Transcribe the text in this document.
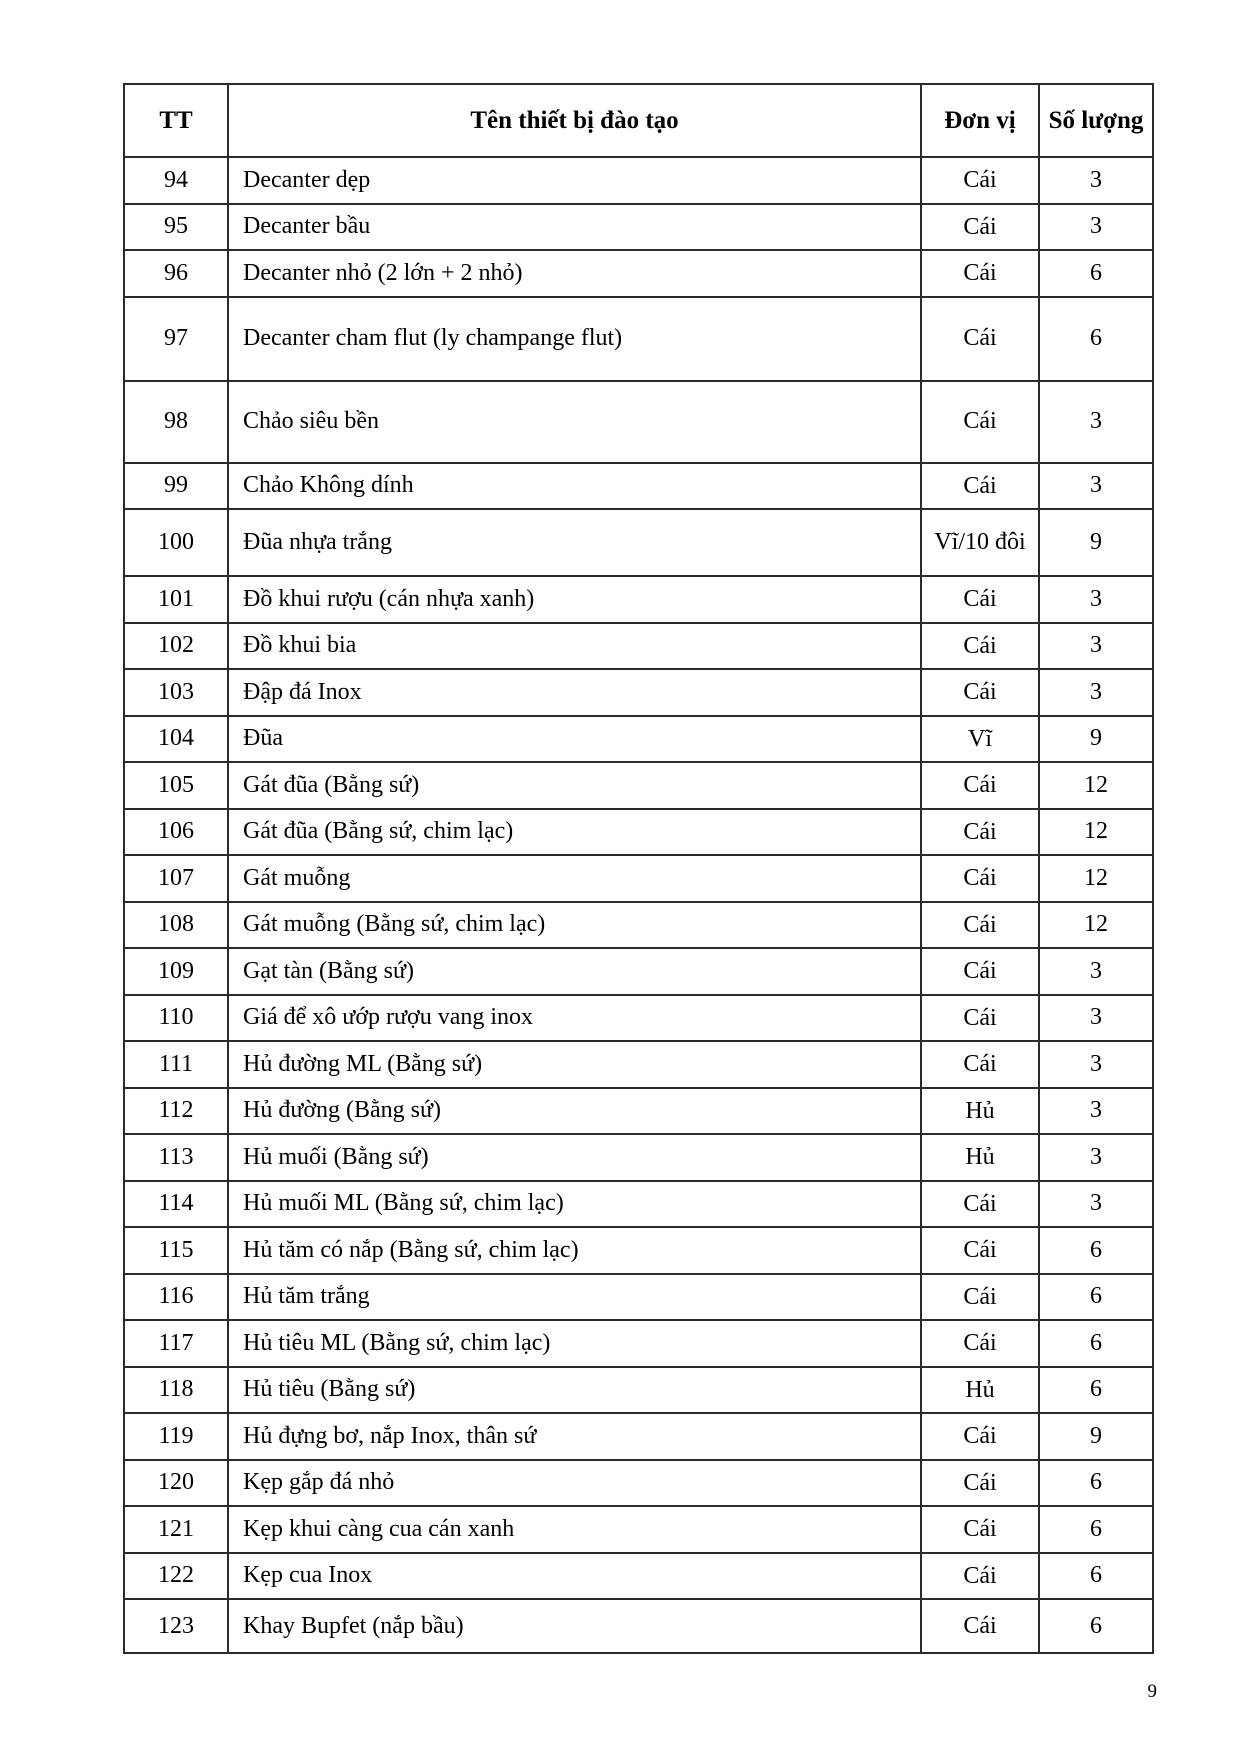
TT	Tên thiết bị đào tạo	Đơn vị	Số lượng
94	Decanter dẹp	Cái	3
95	Decanter bầu	Cái	3
96	Decanter nhỏ (2 lớn + 2 nhỏ)	Cái	6
97	Decanter cham flut (ly champange flut)	Cái	6
98	Chảo siêu bền	Cái	3
99	Chảo Không dính	Cái	3
100	Đũa nhựa trắng	Vĩ/10 đôi	9
101	Đồ khui rượu (cán nhựa xanh)	Cái	3
102	Đồ khui bia	Cái	3
103	Đập đá Inox	Cái	3
104	Đũa	Vĩ	9
105	Gát đũa (Bằng sứ)	Cái	12
106	Gát đũa (Bằng sứ, chim lạc)	Cái	12
107	Gát muỗng	Cái	12
108	Gát muỗng (Bằng sứ, chim lạc)	Cái	12
109	Gạt tàn (Bằng sứ)	Cái	3
110	Giá để xô ướp rượu vang inox	Cái	3
111	Hủ đường ML (Bằng sứ)	Cái	3
112	Hủ đường (Bằng sứ)	Hủ	3
113	Hủ muối (Bằng sứ)	Hủ	3
114	Hủ muối ML (Bằng sứ, chim lạc)	Cái	3
115	Hủ tăm có nắp (Bằng sứ, chim lạc)	Cái	6
116	Hủ tăm trắng	Cái	6
117	Hủ tiêu ML (Bằng sứ, chim lạc)	Cái	6
118	Hủ tiêu (Bằng sứ)	Hủ	6
119	Hủ đựng bơ, nắp Inox, thân sứ	Cái	9
120	Kẹp gắp đá nhỏ	Cái	6
121	Kẹp khui càng cua cán xanh	Cái	6
122	Kẹp cua Inox	Cái	6
123	Khay Bupfet (nắp bầu)	Cái	6
9
